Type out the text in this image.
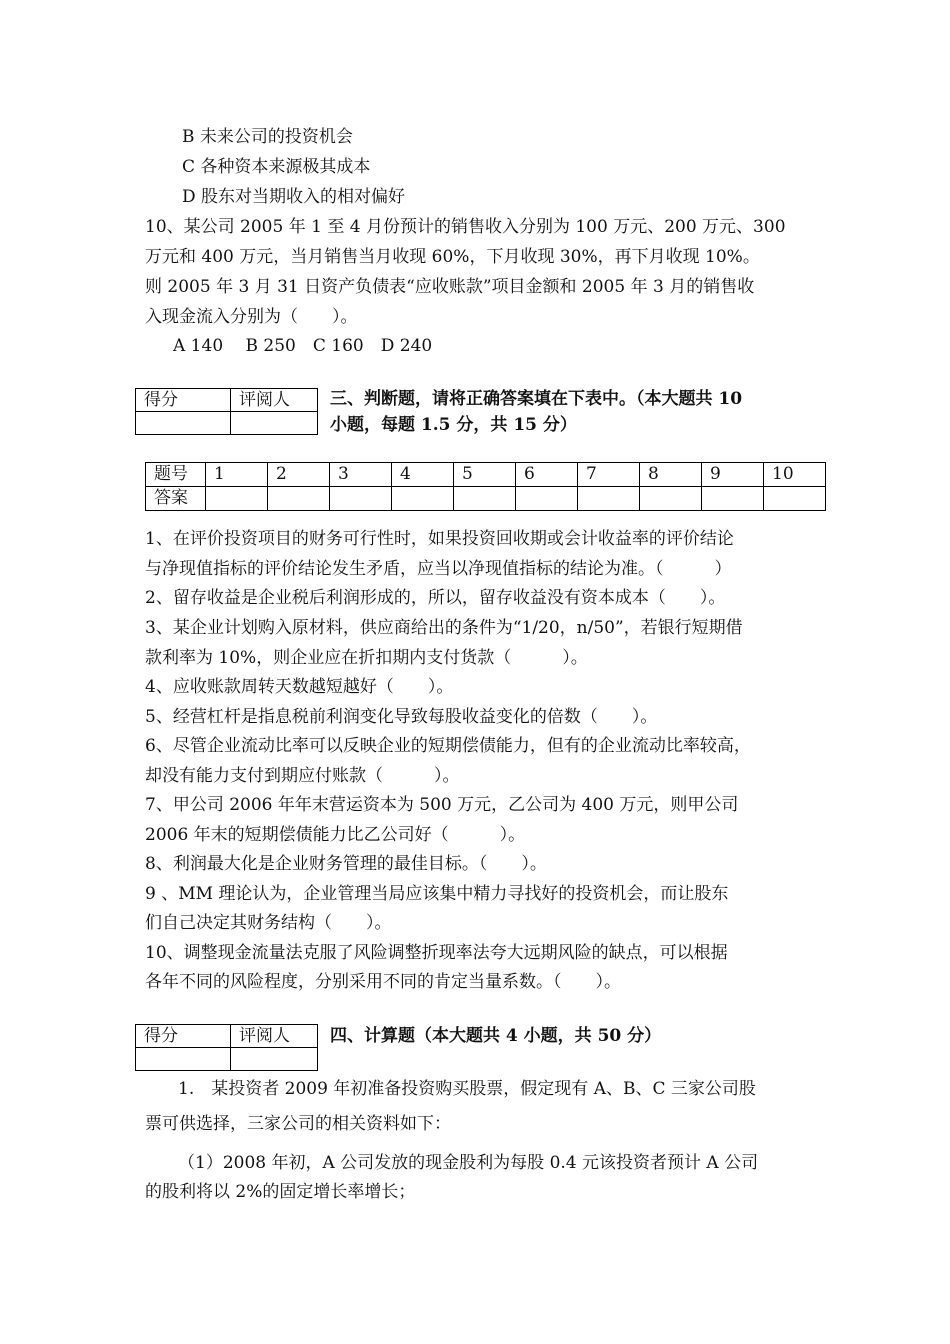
B 未来公司的投资机会
C 各种资本来源极其成本
D 股东对当期收入的相对偏好
10、某公司 2005 年 1 至 4 月份预计的销售收入分别为 100 万元、200 万元、300
万元和 400 万元，当月销售当月收现 60%，下月收现 30%，再下月收现 10%。
则 2005 年 3 月 31 日资产负债表“应收账款”项目金额和 2005 年 3 月的销售收
入现金流入分别为（　　）。
A 140　 B 250　C 160　D 240
得分	评阅人
	三、判断题，请将正确答案填在下表中。（本大题共 10
小题，每题 1.5 分，共 15 分）
题号	1	2	3	4	5	6	7	8	9	10
答案										
1、在评价投资项目的财务可行性时，如果投资回收期或会计收益率的评价结论
与净现值指标的评价结论发生矛盾，应当以净现值指标的结论为准。（　　　）
2、留存收益是企业税后利润形成的，所以，留存收益没有资本成本（　　）。
3、某企业计划购入原材料，供应商给出的条件为“1/20，n/50”，若银行短期借
款利率为 10%，则企业应在折扣期内支付货款（　　　）。
4、应收账款周转天数越短越好（　　）。
5、经营杠杆是指息税前利润变化导致每股收益变化的倍数（　　）。
6、尽管企业流动比率可以反映企业的短期偿债能力，但有的企业流动比率较高，
却没有能力支付到期应付账款（　　　）。
7、甲公司 2006 年年末营运资本为 500 万元，乙公司为 400 万元，则甲公司
2006 年末的短期偿债能力比乙公司好（　　　）。
8、利润最大化是企业财务管理的最佳目标。（　　）。
9 、MM 理论认为，企业管理当局应该集中精力寻找好的投资机会，而让股东
们自己决定其财务结构（　　）。
10、调整现金流量法克服了风险调整折现率法夸大远期风险的缺点，可以根据
各年不同的风险程度，分别采用不同的肯定当量系数。（　　）。
得分	评阅人
	四、计算题（本大题共 4 小题，共 50 分）
1.　某投资者 2009 年初准备投资购买股票，假定现有 A、B、C 三家公司股
票可供选择，三家公司的相关资料如下：
（1）2008 年初，A 公司发放的现金股利为每股 0.4 元该投资者预计 A 公司
的股利将以 2%的固定增长率增长；
